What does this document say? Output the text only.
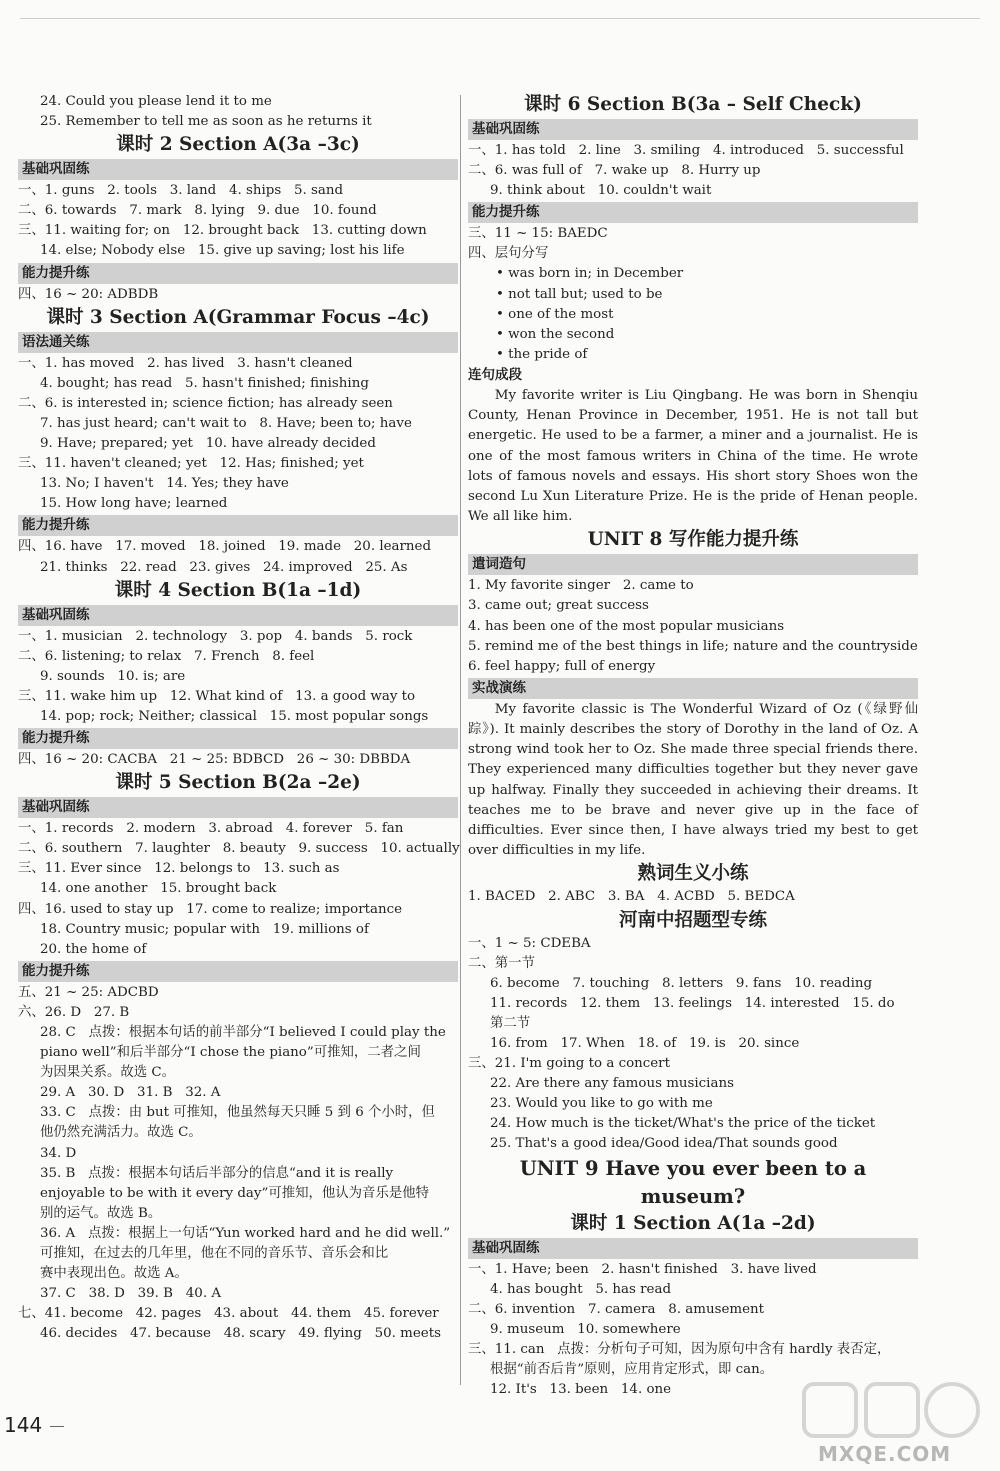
24. Could you please lend it to me
25. Remember to tell me as soon as he returns it
课时 2 Section A(3a –3c)
基础巩固练
一、1. guns   2. tools   3. land   4. ships   5. sand
二、6. towards   7. mark   8. lying   9. due   10. found
三、11. waiting for; on   12. brought back   13. cutting down
14. else; Nobody else   15. give up saving; lost his life
能力提升练
四、16 ~ 20: ADBDB
课时 3 Section A(Grammar Focus –4c)
语法通关练
一、1. has moved   2. has lived   3. hasn't cleaned
4. bought; has read   5. hasn't finished; finishing
二、6. is interested in; science fiction; has already seen
7. has just heard; can't wait to   8. Have; been to; have
9. Have; prepared; yet   10. have already decided
三、11. haven't cleaned; yet   12. Has; finished; yet
13. No; I haven't   14. Yes; they have
15. How long have; learned
能力提升练
四、16. have   17. moved   18. joined   19. made   20. learned
21. thinks   22. read   23. gives   24. improved   25. As
课时 4 Section B(1a –1d)
基础巩固练
一、1. musician   2. technology   3. pop   4. bands   5. rock
二、6. listening; to relax   7. French   8. feel
9. sounds   10. is; are
三、11. wake him up   12. What kind of   13. a good way to
14. pop; rock; Neither; classical   15. most popular songs
能力提升练
四、16 ~ 20: CACBA   21 ~ 25: BDBCD   26 ~ 30: DBBDA
课时 5 Section B(2a –2e)
基础巩固练
一、1. records   2. modern   3. abroad   4. forever   5. fan
二、6. southern   7. laughter   8. beauty   9. success   10. actually
三、11. Ever since   12. belongs to   13. such as
14. one another   15. brought back
四、16. used to stay up   17. come to realize; importance
18. Country music; popular with   19. millions of
20. the home of
能力提升练
五、21 ~ 25: ADCBD
六、26. D   27. B
28. C   点拨：根据本句话的前半部分“I believed I could play the
piano well”和后半部分“I chose the piano”可推知，二者之间
为因果关系。故选 C。
29. A   30. D   31. B   32. A
33. C   点拨：由 but 可推知，他虽然每天只睡 5 到 6 个小时，但
他仍然充满活力。故选 C。
34. D
35. B   点拨：根据本句话后半部分的信息“and it is really
enjoyable to be with it every day”可推知，他认为音乐是他特
别的运气。故选 B。
36. A   点拨：根据上一句话“Yun worked hard and he did well.”
可推知，在过去的几年里，他在不同的音乐节、音乐会和比
赛中表现出色。故选 A。
37. C   38. D   39. B   40. A
七、41. become   42. pages   43. about   44. them   45. forever
46. decides   47. because   48. scary   49. flying   50. meets
课时 6 Section B(3a – Self Check)
基础巩固练
一、1. has told   2. line   3. smiling   4. introduced   5. successful
二、6. was full of   7. wake up   8. Hurry up
9. think about   10. couldn't wait
能力提升练
三、11 ~ 15: BAEDC
四、层句分写
• was born in; in December
• not tall but; used to be
• one of the most
• won the second
• the pride of
连句成段
My favorite writer is Liu Qingbang. He was born in Shenqiu County, Henan Province in December, 1951. He is not tall but energetic. He used to be a farmer, a miner and a journalist. He is one of the most famous writers in China of the time. He wrote lots of famous novels and essays. His short story Shoes won the second Lu Xun Literature Prize. He is the pride of Henan people. We all like him.
UNIT 8 写作能力提升练
遣词造句
1. My favorite singer   2. came to
3. came out; great success
4. has been one of the most popular musicians
5. remind me of the best things in life; nature and the countryside
6. feel happy; full of energy
实战演练
My favorite classic is The Wonderful Wizard of Oz (《绿野仙踪》). It mainly describes the story of Dorothy in the land of Oz. A strong wind took her to Oz. She made three special friends there. They experienced many difficulties together but they never gave up halfway. Finally they succeeded in achieving their dreams. It teaches me to be brave and never give up in the face of difficulties. Ever since then, I have always tried my best to get over difficulties in my life.
熟词生义小练
1. BACED   2. ABC   3. BA   4. ACBD   5. BEDCA
河南中招题型专练
一、1 ~ 5: CDEBA
二、第一节
6. become   7. touching   8. letters   9. fans   10. reading
11. records   12. them   13. feelings   14. interested   15. do
第二节
16. from   17. When   18. of   19. is   20. since
三、21. I'm going to a concert
22. Are there any famous musicians
23. Would you like to go with me
24. How much is the ticket/What's the price of the ticket
25. That's a good idea/Good idea/That sounds good
UNIT 9 Have you ever been to a museum?
课时 1 Section A(1a –2d)
基础巩固练
一、1. Have; been   2. hasn't finished   3. have lived
4. has bought   5. has read
二、6. invention   7. camera   8. amusement
9. museum   10. somewhere
三、11. can   点拨：分析句子可知，因为原句中含有 hardly 表否定，
根据“前否后肯”原则，应用肯定形式，即 can。
12. It's   13. been   14. one
144
MXQE.COM
